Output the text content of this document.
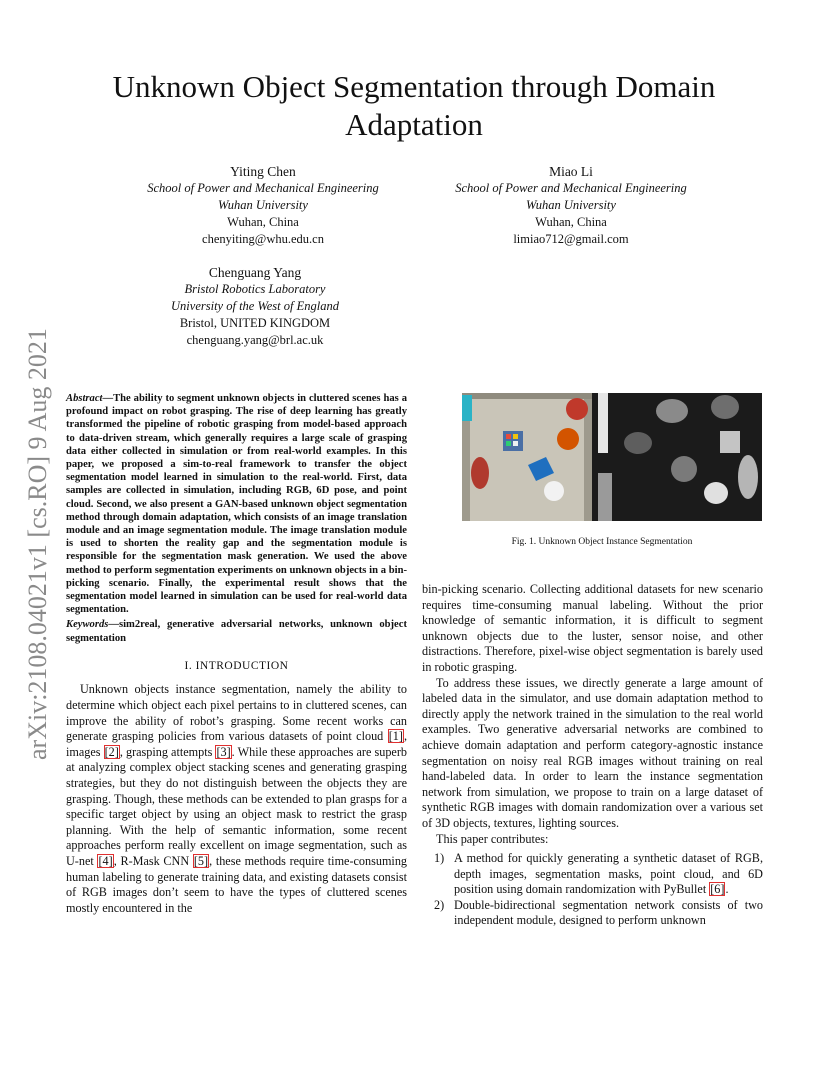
Unknown Object Segmentation through Domain Adaptation
Yiting Chen
School of Power and Mechanical Engineering
Wuhan University
Wuhan, China
chenyiting@whu.edu.cn
Miao Li
School of Power and Mechanical Engineering
Wuhan University
Wuhan, China
limiao712@gmail.com
Chenguang Yang
Bristol Robotics Laboratory
University of the West of England
Bristol, UNITED KINGDOM
chenguang.yang@brl.ac.uk
arXiv:2108.04021v1 [cs.RO] 9 Aug 2021	Abstract—The ability to segment unknown objects in cluttered scenes has a profound impact on robot grasping. The rise of deep learning has greatly transformed the pipeline of robotic grasping from model-based approach to data-driven stream, which generally requires a large scale of grasping data either collected in simulation or from real-world examples. In this paper, we proposed a sim-to-real framework to transfer the object segmentation model learned in simulation to the real-world. First, data samples are collected in simulation, including RGB, 6D pose, and point cloud. Second, we also present a GAN-based unknown object segmentation method through domain adaptation, which consists of an image translation module and an image segmentation module. The image translation module is used to shorten the reality gap and the segmentation module is responsible for the segmentation mask generation. We used the above method to perform segmentation experiments on unknown objects in a bin-picking scenario. Finally, the experimental result shows that the segmentation model learned in simulation can be used for real-world data segmentation.

Keywords—sim2real, generative adversarial networks, unknown object segmentation

I. INTRODUCTION

Unknown objects instance segmentation, namely the ability to determine which object each pixel pertains to in cluttered scenes, can improve the ability of robot’s grasping. Some recent works can generate grasping policies from various datasets of point cloud [1], images [2], grasping attempts [3]. While these approaches are superb at analyzing complex object stacking scenes and generating grasping strategies, but they do not distinguish between the objects they are grasping. Though, these methods can be extended to plan grasps for a specific target object by using an object mask to restrict the grasp planning. With the help of semantic information, some recent approaches perform really excellent on image segmentation, such as U-net [4], R-Mask CNN [5], these methods require time-consuming human labeling to generate training data, and existing datasets consist of RGB images don’t seem to have the types of cluttered scenes mostly encountered in the

Fig. 1. Unknown Object Instance Segmentation

bin-picking scenario. Collecting additional datasets for new scenario requires time-consuming manual labeling. Without the prior knowledge of semantic information, it is difficult to segment unknown objects due to the luster, sensor noise, and other distractions. Therefore, pixel-wise object segmentation is barely used in robotic grasping.

To address these issues, we directly generate a large amount of labeled data in the simulator, and use domain adaptation method to directly apply the network trained in the simulation to the real world examples. Two generative adversarial networks are combined to achieve domain adaptation and perform category-agnostic instance segmentation on noisy real RGB images without training on real hand-labeled data. In order to learn the instance segmentation network from simulation, we propose to train on a large dataset of synthetic RGB images with domain randomization over a various set of 3D objects, textures, lighting sources.

This paper contributes:

1) A method for quickly generating a synthetic dataset of RGB, depth images, segmentation masks, point cloud, and 6D position using domain randomization with PyBullet [6].
2) Double-bidirectional segmentation network consists of two independent module, designed to perform unknown
